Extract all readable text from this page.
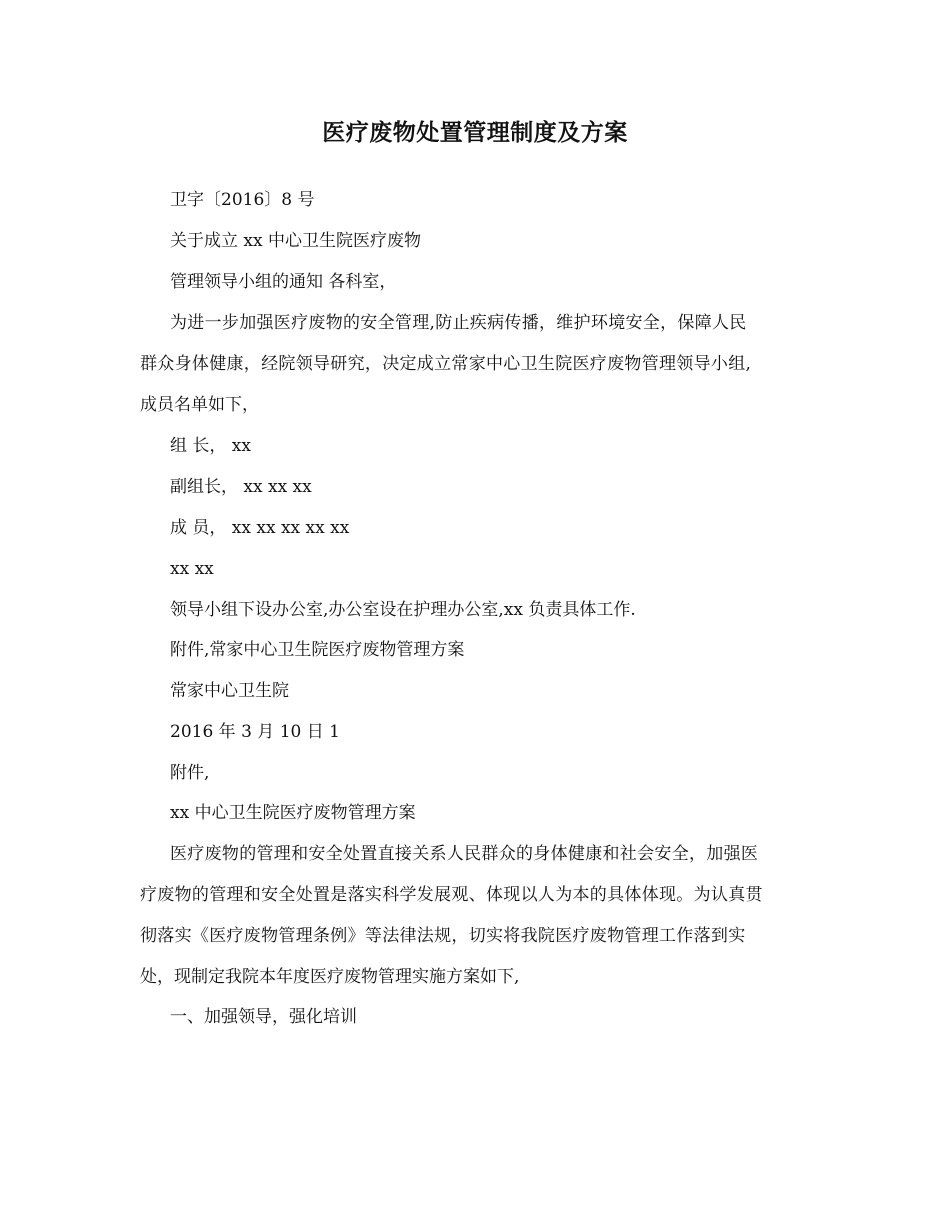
医疗废物处置管理制度及方案
卫字〔2016〕8 号
关于成立 xx 中心卫生院医疗废物
管理领导小组的通知 各科室，
为进一步加强医疗废物的安全管理,防止疾病传播，维护环境安全，保障人民
群众身体健康，经院领导研究，决定成立常家中心卫生院医疗废物管理领导小组,
成员名单如下，
组 长， xx
副组长， xx xx xx
成 员， xx xx xx xx xx
xx xx
领导小组下设办公室,办公室设在护理办公室,xx 负责具体工作.
附件,常家中心卫生院医疗废物管理方案
常家中心卫生院
2016 年 3 月 10 日 1
附件,
xx 中心卫生院医疗废物管理方案
医疗废物的管理和安全处置直接关系人民群众的身体健康和社会安全，加强医
疗废物的管理和安全处置是落实科学发展观、体现以人为本的具体体现。为认真贯
彻落实《医疗废物管理条例》等法律法规，切实将我院医疗废物管理工作落到实
处，现制定我院本年度医疗废物管理实施方案如下,
一、加强领导，强化培训
